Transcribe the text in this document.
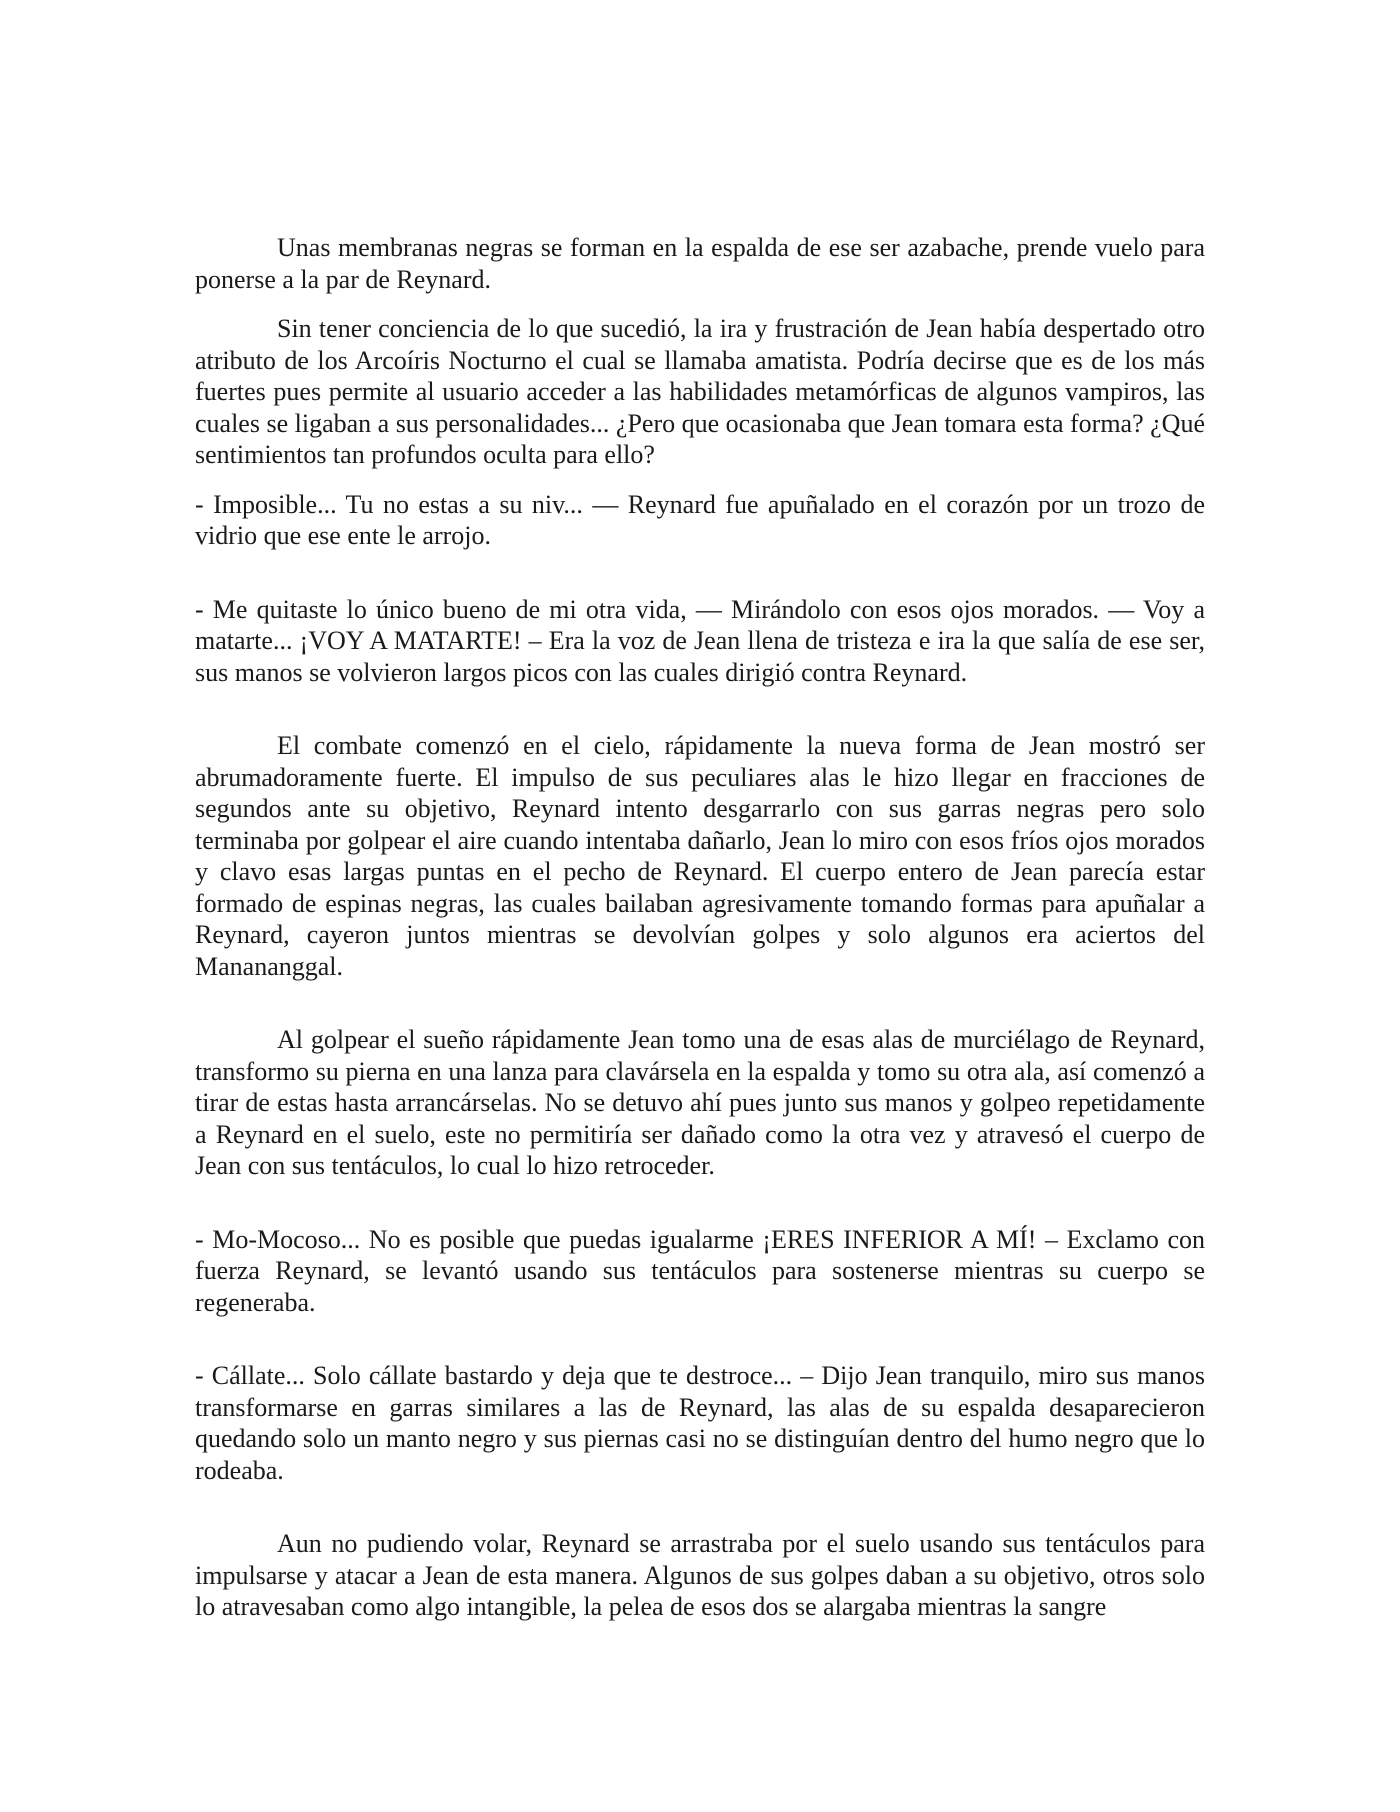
Unas membranas negras se forman en la espalda de ese ser azabache, prende vuelo para ponerse a la par de Reynard.

Sin tener conciencia de lo que sucedió, la ira y frustración de Jean había despertado otro atributo de los Arcoíris Nocturno el cual se llamaba amatista. Podría decirse que es de los más fuertes pues permite al usuario acceder a las habilidades metamórficas de algunos vampiros, las cuales se ligaban a sus personalidades... ¿Pero que ocasionaba que Jean tomara esta forma? ¿Qué sentimientos tan profundos oculta para ello?

- Imposible... Tu no estas a su niv... — Reynard fue apuñalado en el corazón por un trozo de vidrio que ese ente le arrojo.

- Me quitaste lo único bueno de mi otra vida, — Mirándolo con esos ojos morados. — Voy a matarte... ¡VOY A MATARTE! – Era la voz de Jean llena de tristeza e ira la que salía de ese ser, sus manos se volvieron largos picos con las cuales dirigió contra Reynard.

El combate comenzó en el cielo, rápidamente la nueva forma de Jean mostró ser abrumadoramente fuerte. El impulso de sus peculiares alas le hizo llegar en fracciones de segundos ante su objetivo, Reynard intento desgarrarlo con sus garras negras pero solo terminaba por golpear el aire cuando intentaba dañarlo, Jean lo miro con esos fríos ojos morados y clavo esas largas puntas en el pecho de Reynard. El cuerpo entero de Jean parecía estar formado de espinas negras, las cuales bailaban agresivamente tomando formas para apuñalar a Reynard, cayeron juntos mientras se devolvían golpes y solo algunos era aciertos del Manananggal.

Al golpear el sueño rápidamente Jean tomo una de esas alas de murciélago de Reynard, transformo su pierna en una lanza para clavársela en la espalda y tomo su otra ala, así comenzó a tirar de estas hasta arrancárselas. No se detuvo ahí pues junto sus manos y golpeo repetidamente a Reynard en el suelo, este no permitiría ser dañado como la otra vez y atravesó el cuerpo de Jean con sus tentáculos, lo cual lo hizo retroceder.

- Mo-Mocoso... No es posible que puedas igualarme ¡ERES INFERIOR A MÍ! – Exclamo con fuerza Reynard, se levantó usando sus tentáculos para sostenerse mientras su cuerpo se regeneraba.

- Cállate... Solo cállate bastardo y deja que te destroce... – Dijo Jean tranquilo, miro sus manos transformarse en garras similares a las de Reynard, las alas de su espalda desaparecieron quedando solo un manto negro y sus piernas casi no se distinguían dentro del humo negro que lo rodeaba.

Aun no pudiendo volar, Reynard se arrastraba por el suelo usando sus tentáculos para impulsarse y atacar a Jean de esta manera. Algunos de sus golpes daban a su objetivo, otros solo lo atravesaban como algo intangible, la pelea de esos dos se alargaba mientras la sangre
